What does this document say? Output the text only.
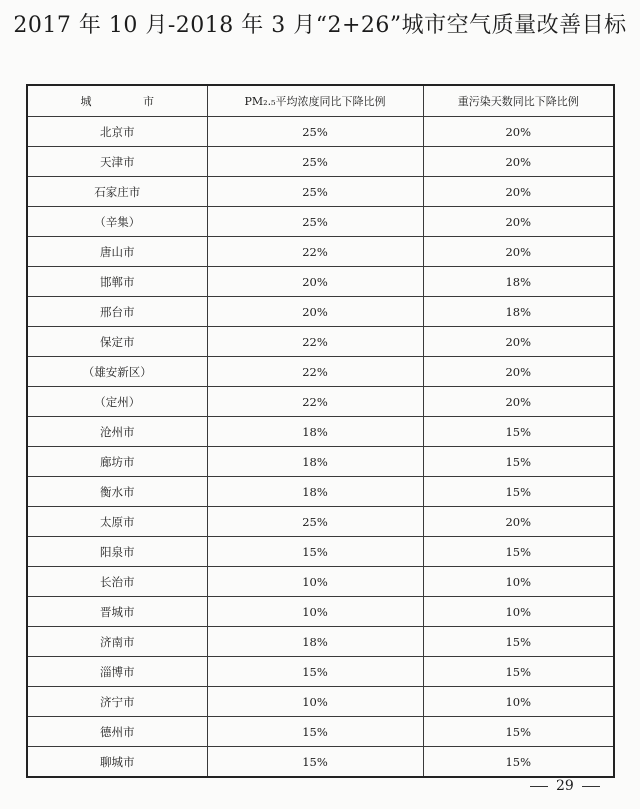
2017 年 10 月-2018 年 3 月“2+26”城市空气质量改善目标
城 市	PM₂.₅平均浓度同比下降比例	重污染天数同比下降比例
北京市	25%	20%
天津市	25%	20%
石家庄市	25%	20%
（辛集）	25%	20%
唐山市	22%	20%
邯郸市	20%	18%
邢台市	20%	18%
保定市	22%	20%
（雄安新区）	22%	20%
（定州）	22%	20%
沧州市	18%	15%
廊坊市	18%	15%
衡水市	18%	15%
太原市	25%	20%
阳泉市	15%	15%
长治市	10%	10%
晋城市	10%	10%
济南市	18%	15%
淄博市	15%	15%
济宁市	10%	10%
德州市	15%	15%
聊城市	15%	15%
29
